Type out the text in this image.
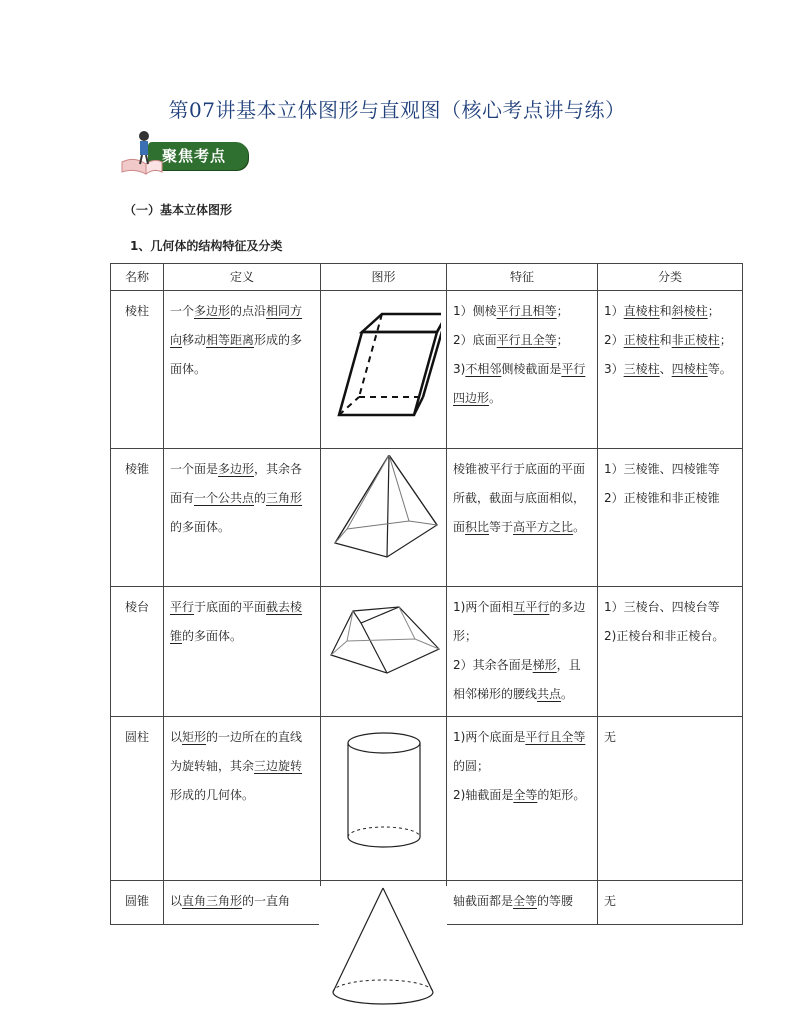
第07讲基本立体图形与直观图（核心考点讲与练）
聚焦考点
（一）基本立体图形
1、几何体的结构特征及分类
名称	定义	图形	特征	分类
棱柱	一个多边形的点沿相同方向移动相等距离形成的多面体。		1）侧棱平行且相等；
2）底面平行且全等；
3)不相邻侧棱截面是平行四边形。	1）直棱柱和斜棱柱；
2）正棱柱和非正棱柱；
3）三棱柱、四棱柱等。
棱锥	一个面是多边形，其余各面有一个公共点的三角形的多面体。		棱锥被平行于底面的平面所截，截面与底面相似，面积比等于高平方之比。	1）三棱锥、四棱锥等
2）正棱锥和非正棱锥
棱台	平行于底面的平面截去棱锥的多面体。		1)两个面相互平行的多边形；
2）其余各面是梯形，且相邻梯形的腰线共点。	1）三棱台、四棱台等
2)正棱台和非正棱台。
圆柱	以矩形的一边所在的直线为旋转轴，其余三边旋转形成的几何体。		1)两个底面是平行且全等的圆；
2)轴截面是全等的矩形。	无
圆锥	以直角三角形的一直角		轴截面都是全等的等腰	无
